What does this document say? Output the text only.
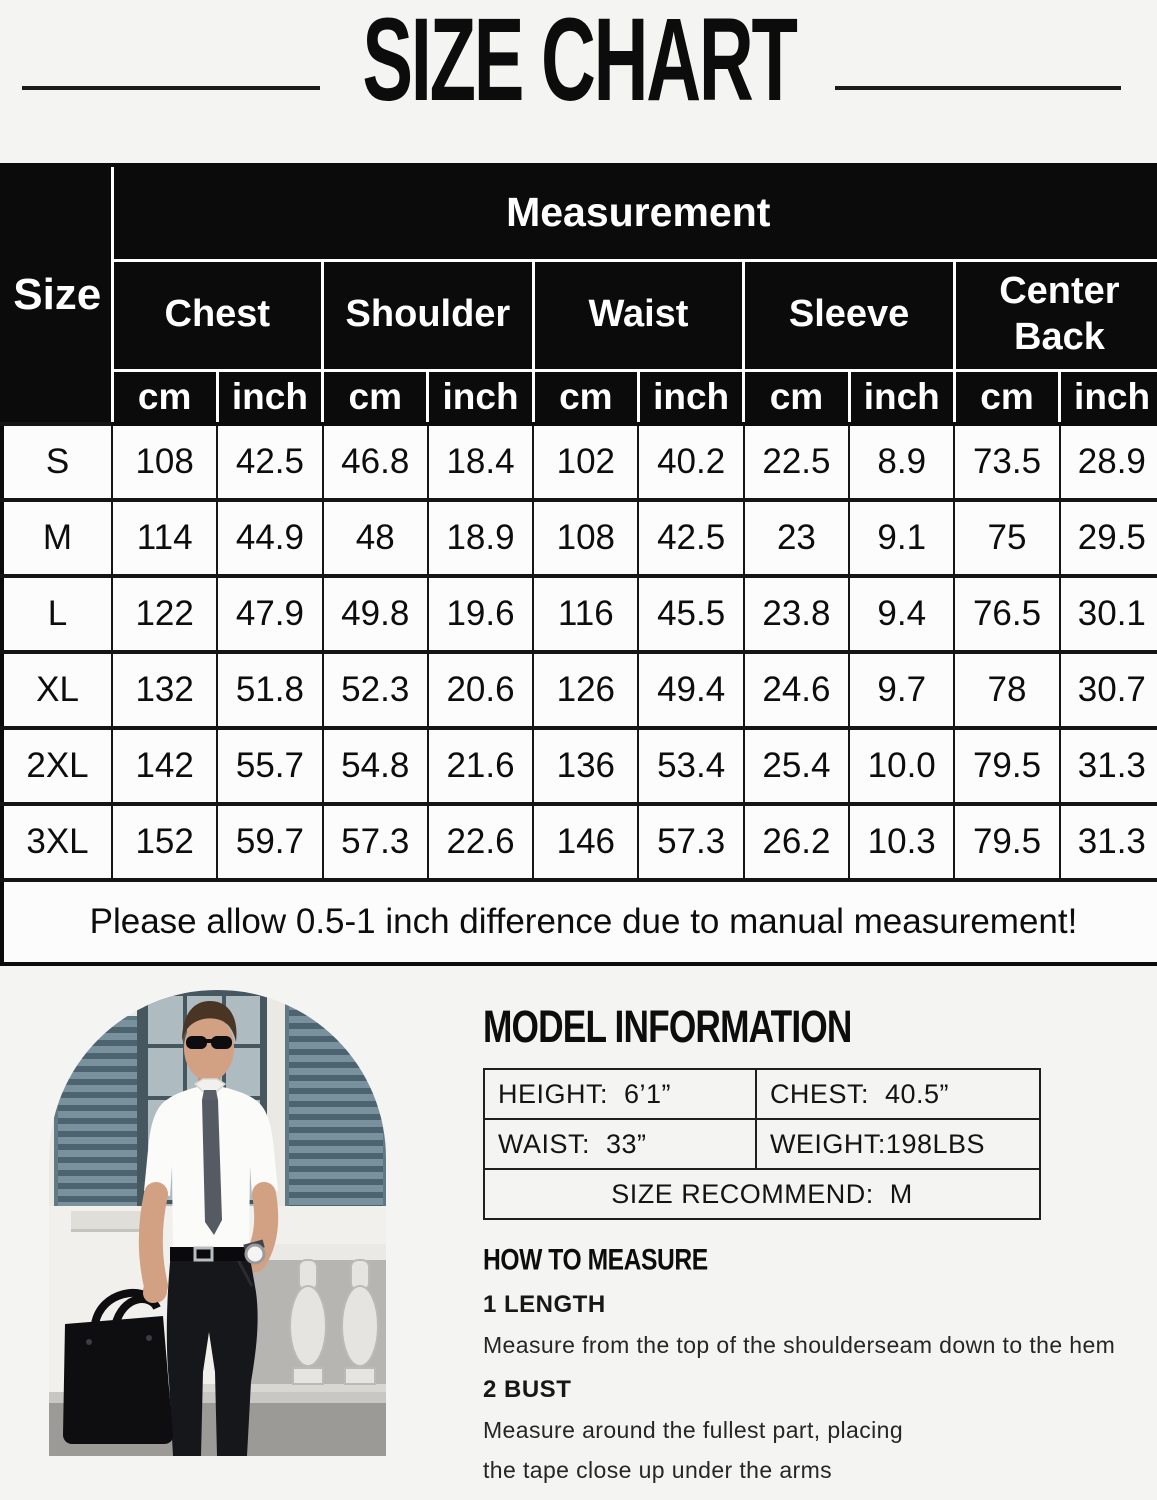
SIZE CHART
Size	Measurement									
	Chest		Shoulder		Waist		Sleeve		Center Back	
	cm	inch	cm	inch	cm	inch	cm	inch	cm	inch
S	108	42.5	46.8	18.4	102	40.2	22.5	8.9	73.5	28.9
M	114	44.9	48	18.9	108	42.5	23	9.1	75	29.5
L	122	47.9	49.8	19.6	116	45.5	23.8	9.4	76.5	30.1
XL	132	51.8	52.3	20.6	126	49.4	24.6	9.7	78	30.7
2XL	142	55.7	54.8	21.6	136	53.4	25.4	10.0	79.5	31.3
3XL	152	59.7	57.3	22.6	146	57.3	26.2	10.3	79.5	31.3
Please allow 0.5-1 inch difference due to manual measurement!										
MODEL INFORMATION
HEIGHT:  6’1”	CHEST:  40.5”
WAIST:  33”	WEIGHT:198LBS
SIZE RECOMMEND:  M	
HOW TO MEASURE

1 LENGTH

Measure from the top of the shoulderseam down to the hem

2 BUST

Measure around the fullest part, placing

the tape close up under the arms
